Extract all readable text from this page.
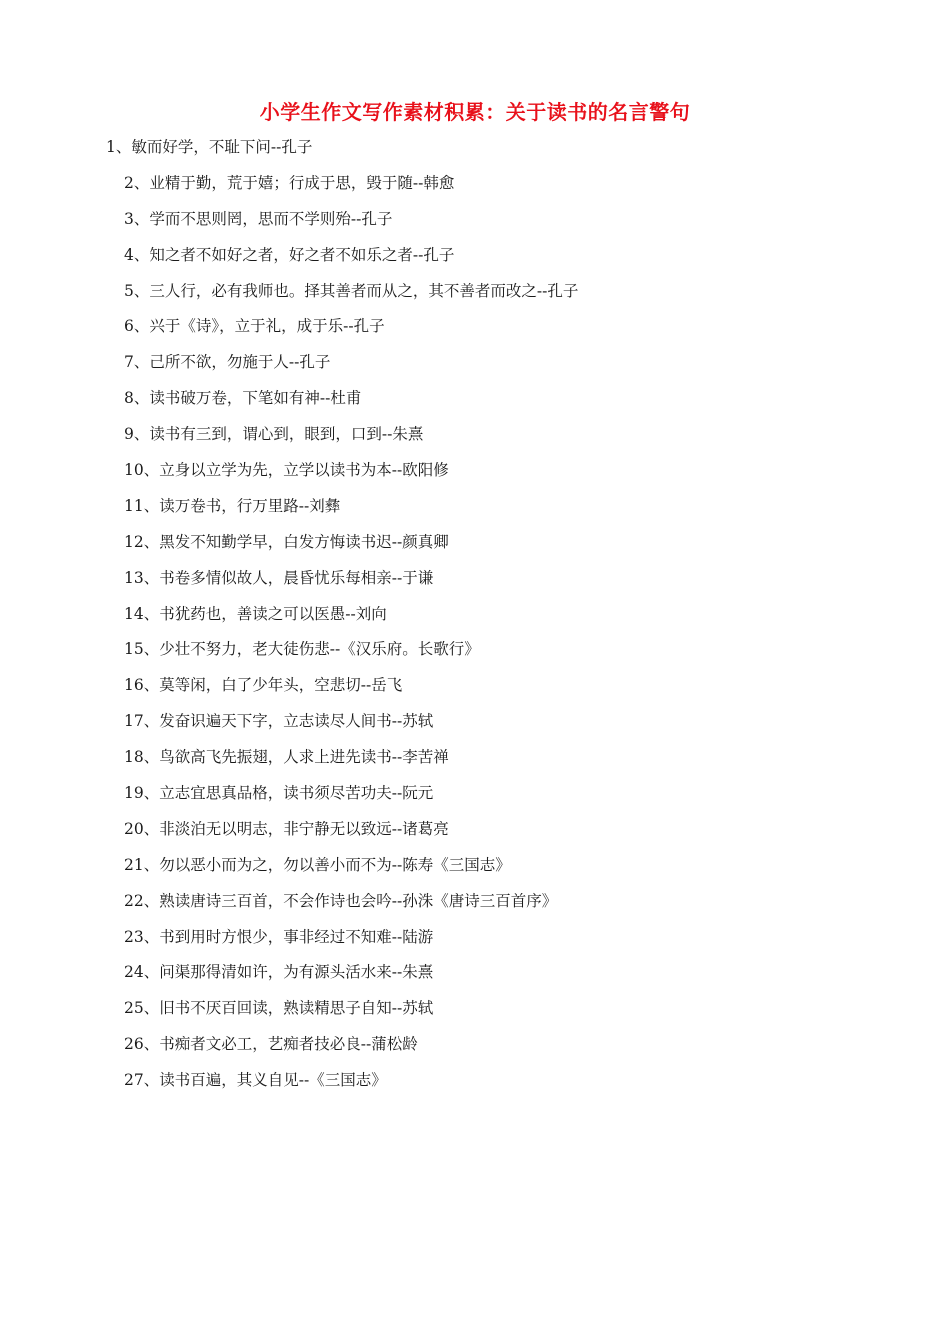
小学生作文写作素材积累：关于读书的名言警句
1、敏而好学，不耻下问--孔子
2、业精于勤，荒于嬉；行成于思，毁于随--韩愈
3、学而不思则罔，思而不学则殆--孔子
4、知之者不如好之者，好之者不如乐之者--孔子
5、三人行，必有我师也。择其善者而从之，其不善者而改之--孔子
6、兴于《诗》，立于礼，成于乐--孔子
7、己所不欲，勿施于人--孔子
8、读书破万卷，下笔如有神--杜甫
9、读书有三到，谓心到，眼到，口到--朱熹
10、立身以立学为先，立学以读书为本--欧阳修
11、读万卷书，行万里路--刘彝
12、黑发不知勤学早，白发方悔读书迟--颜真卿
13、书卷多情似故人，晨昏忧乐每相亲--于谦
14、书犹药也，善读之可以医愚--刘向
15、少壮不努力，老大徒伤悲--《汉乐府。长歌行》
16、莫等闲，白了少年头，空悲切--岳飞
17、发奋识遍天下字，立志读尽人间书--苏轼
18、鸟欲高飞先振翅，人求上进先读书--李苦禅
19、立志宜思真品格，读书须尽苦功夫--阮元
20、非淡泊无以明志，非宁静无以致远--诸葛亮
21、勿以恶小而为之，勿以善小而不为--陈寿《三国志》
22、熟读唐诗三百首，不会作诗也会吟--孙洙《唐诗三百首序》
23、书到用时方恨少，事非经过不知难--陆游
24、问渠那得清如许，为有源头活水来--朱熹
25、旧书不厌百回读，熟读精思子自知--苏轼
26、书痴者文必工，艺痴者技必良--蒲松龄
27、读书百遍，其义自见--《三国志》
